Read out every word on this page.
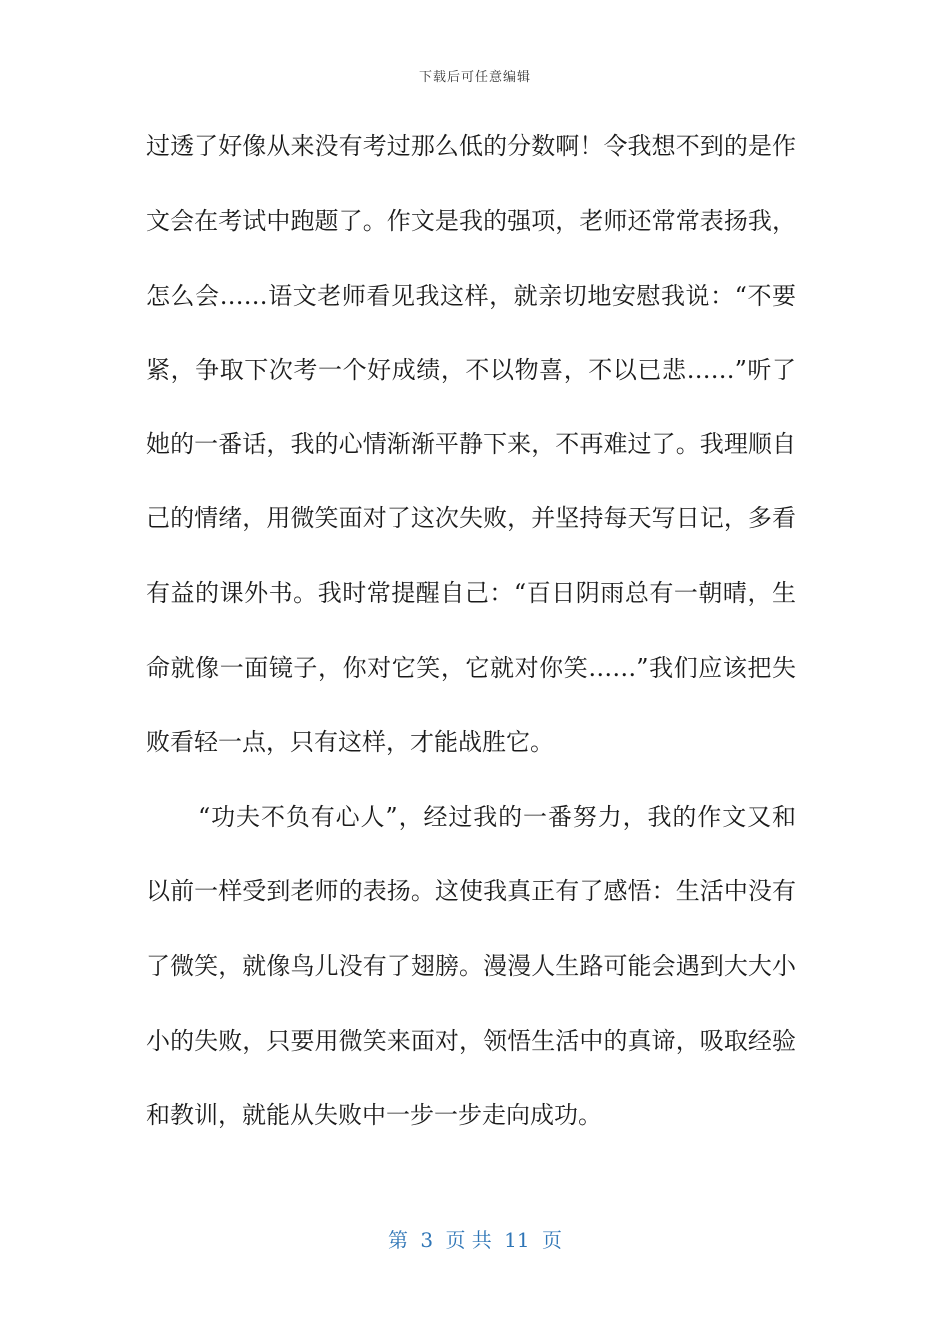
下载后可任意编辑
过透了好像从来没有考过那么低的分数啊！令我想不到的是作
文会在考试中跑题了。作文是我的强项，老师还常常表扬我，
怎么会……语文老师看见我这样，就亲切地安慰我说：“不要
紧，争取下次考一个好成绩，不以物喜，不以已悲……”听了
她的一番话，我的心情渐渐平静下来，不再难过了。我理顺自
己的情绪，用微笑面对了这次失败，并坚持每天写日记，多看
有益的课外书。我时常提醒自己：“百日阴雨总有一朝晴，生
命就像一面镜子，你对它笑，它就对你笑……”我们应该把失
败看轻一点，只有这样，才能战胜它。
“功夫不负有心人”，经过我的一番努力，我的作文又和
以前一样受到老师的表扬。这使我真正有了感悟：生活中没有
了微笑，就像鸟儿没有了翅膀。漫漫人生路可能会遇到大大小
小的失败，只要用微笑来面对，领悟生活中的真谛，吸取经验
和教训，就能从失败中一步一步走向成功。
第 3 页 共 11 页
